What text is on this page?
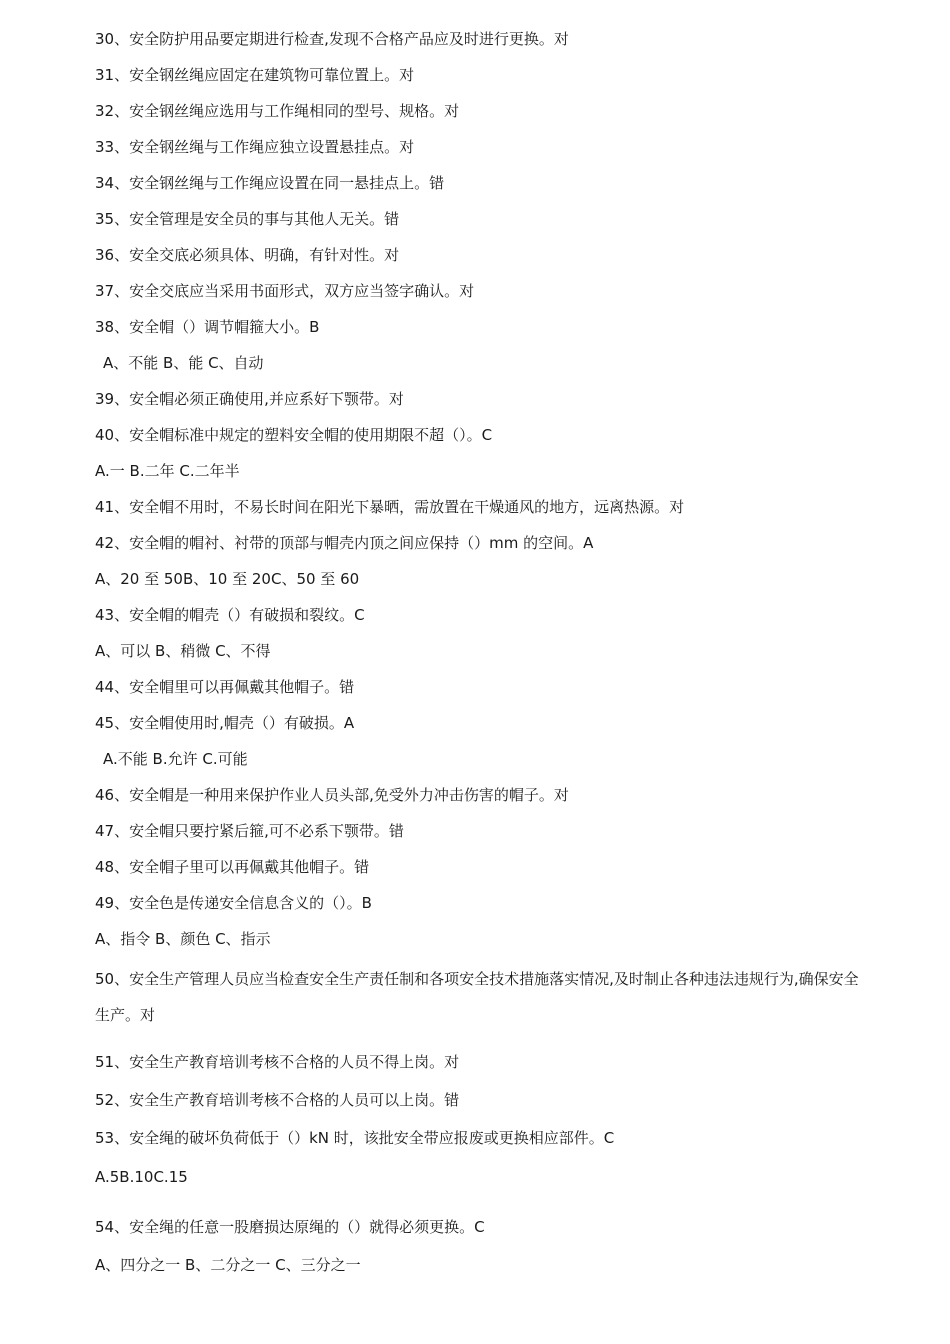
30、安全防护用品要定期进行检查,发现不合格产品应及时进行更换。对
31、安全钢丝绳应固定在建筑物可靠位置上。对
32、安全钢丝绳应选用与工作绳相同的型号、规格。对
33、安全钢丝绳与工作绳应独立设置悬挂点。对
34、安全钢丝绳与工作绳应设置在同一悬挂点上。错
35、安全管理是安全员的事与其他人无关。错
36、安全交底必须具体、明确，有针对性。对
37、安全交底应当采用书面形式，双方应当签字确认。对
38、安全帽（）调节帽箍大小。B
A、不能 B、能 C、自动
39、安全帽必须正确使用,并应系好下颚带。对
40、安全帽标准中规定的塑料安全帽的使用期限不超（）。C
A.一 B.二年 C.二年半
41、安全帽不用时，不易长时间在阳光下暴晒，需放置在干燥通风的地方，远离热源。对
42、安全帽的帽衬、衬带的顶部与帽壳内顶之间应保持（）mm 的空间。A
A、20 至 50B、10 至 20C、50 至 60
43、安全帽的帽壳（）有破损和裂纹。C
A、可以 B、稍微 C、不得
44、安全帽里可以再佩戴其他帽子。错
45、安全帽使用时,帽壳（）有破损。A
A.不能 B.允许 C.可能
46、安全帽是一种用来保护作业人员头部,免受外力冲击伤害的帽子。对
47、安全帽只要拧紧后箍,可不必系下颚带。错
48、安全帽子里可以再佩戴其他帽子。错
49、安全色是传递安全信息含义的（）。B
A、指令 B、颜色 C、指示
50、安全生产管理人员应当检查安全生产责任制和各项安全技术措施落实情况,及时制止各种违法违规行为,确保安全生产。对
51、安全生产教育培训考核不合格的人员不得上岗。对
52、安全生产教育培训考核不合格的人员可以上岗。错
53、安全绳的破坏负荷低于（）kN 时，该批安全带应报废或更换相应部件。C
A.5B.10C.15
54、安全绳的任意一股磨损达原绳的（）就得必须更换。C
A、四分之一 B、二分之一 C、三分之一
